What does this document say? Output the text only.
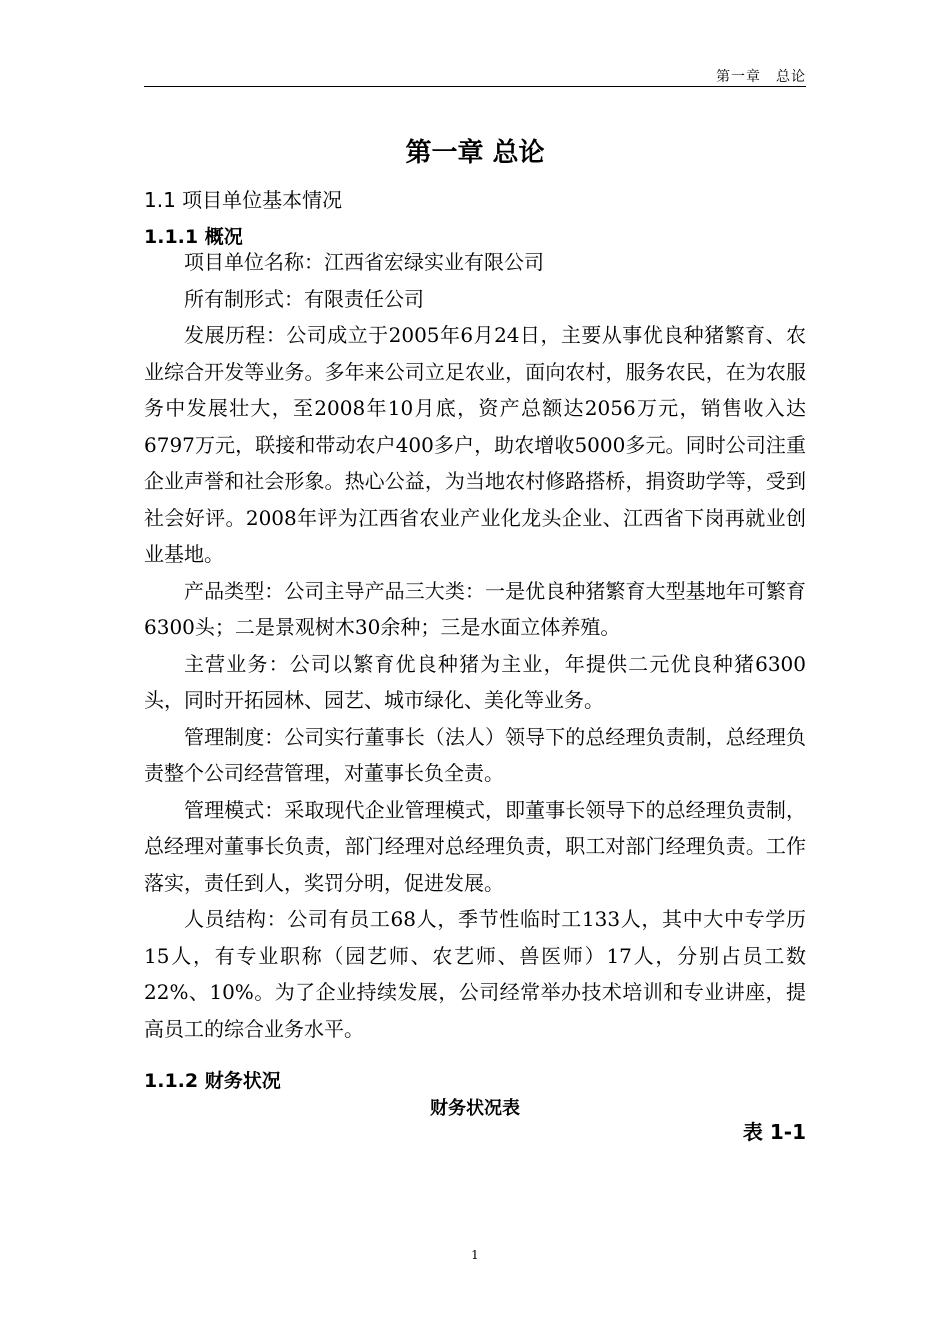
第一章　总论
第一章 总论
1.1 项目单位基本情况
1.1.1 概况

项目单位名称：江西省宏绿实业有限公司

所有制形式：有限责任公司

发展历程：公司成立于2005年6月24日，主要从事优良种猪繁育、农业综合开发等业务。多年来公司立足农业，面向农村，服务农民，在为农服务中发展壮大，至2008年10月底，资产总额达2056万元，销售收入达6797万元，联接和带动农户400多户，助农增收5000多元。同时公司注重企业声誉和社会形象。热心公益，为当地农村修路搭桥，捐资助学等，受到社会好评。2008年评为江西省农业产业化龙头企业、江西省下岗再就业创业基地。

产品类型：公司主导产品三大类：一是优良种猪繁育大型基地年可繁育6300头；二是景观树木30余种；三是水面立体养殖。

主营业务：公司以繁育优良种猪为主业，年提供二元优良种猪6300头，同时开拓园林、园艺、城市绿化、美化等业务。

管理制度：公司实行董事长（法人）领导下的总经理负责制，总经理负责整个公司经营管理，对董事长负全责。

管理模式：采取现代企业管理模式，即董事长领导下的总经理负责制，总经理对董事长负责，部门经理对总经理负责，职工对部门经理负责。工作落实，责任到人，奖罚分明，促进发展。

人员结构：公司有员工68人，季节性临时工133人，其中大中专学历15人，有专业职称（园艺师、农艺师、兽医师）17人，分别占员工数22%、10%。为了企业持续发展，公司经常举办技术培训和专业讲座，提高员工的综合业务水平。

1.1.2 财务状况
财务状况表
表 1-1
1
